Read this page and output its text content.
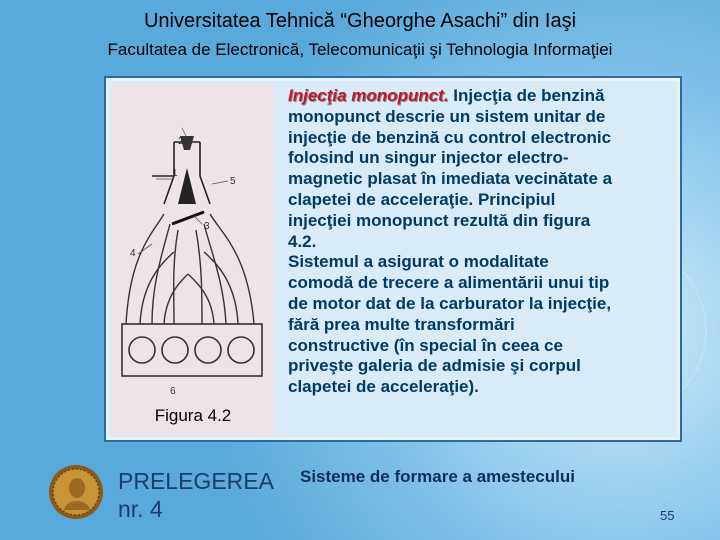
Universitatea Tehnică “Gheorghe Asachi” din Iaşi
Facultatea de Electronică, Telecomunicaţii şi Tehnologia Informaţiei
1
2
3
4
5
6
Figura 4.2
Injecţia monopunct. Injecţia de benzină
monopunct descrie un sistem unitar de
injecţie de benzină cu control electronic
folosind un singur injector electro-
magnetic plasat în imediata vecinătate a
clapetei de acceleraţie. Principiul
injecţiei monopunct rezultă din figura
4.2.
Sistemul a asigurat o modalitate
comodă de trecere a alimentării unui tip
de motor dat de la carburator la injecţie,
fără prea multe transformări
constructive (în special în ceea ce
priveşte galeria de admisie şi corpul
clapetei de acceleraţie).
PRELEGEREA
nr. 4
Sisteme de formare a amestecului
55
